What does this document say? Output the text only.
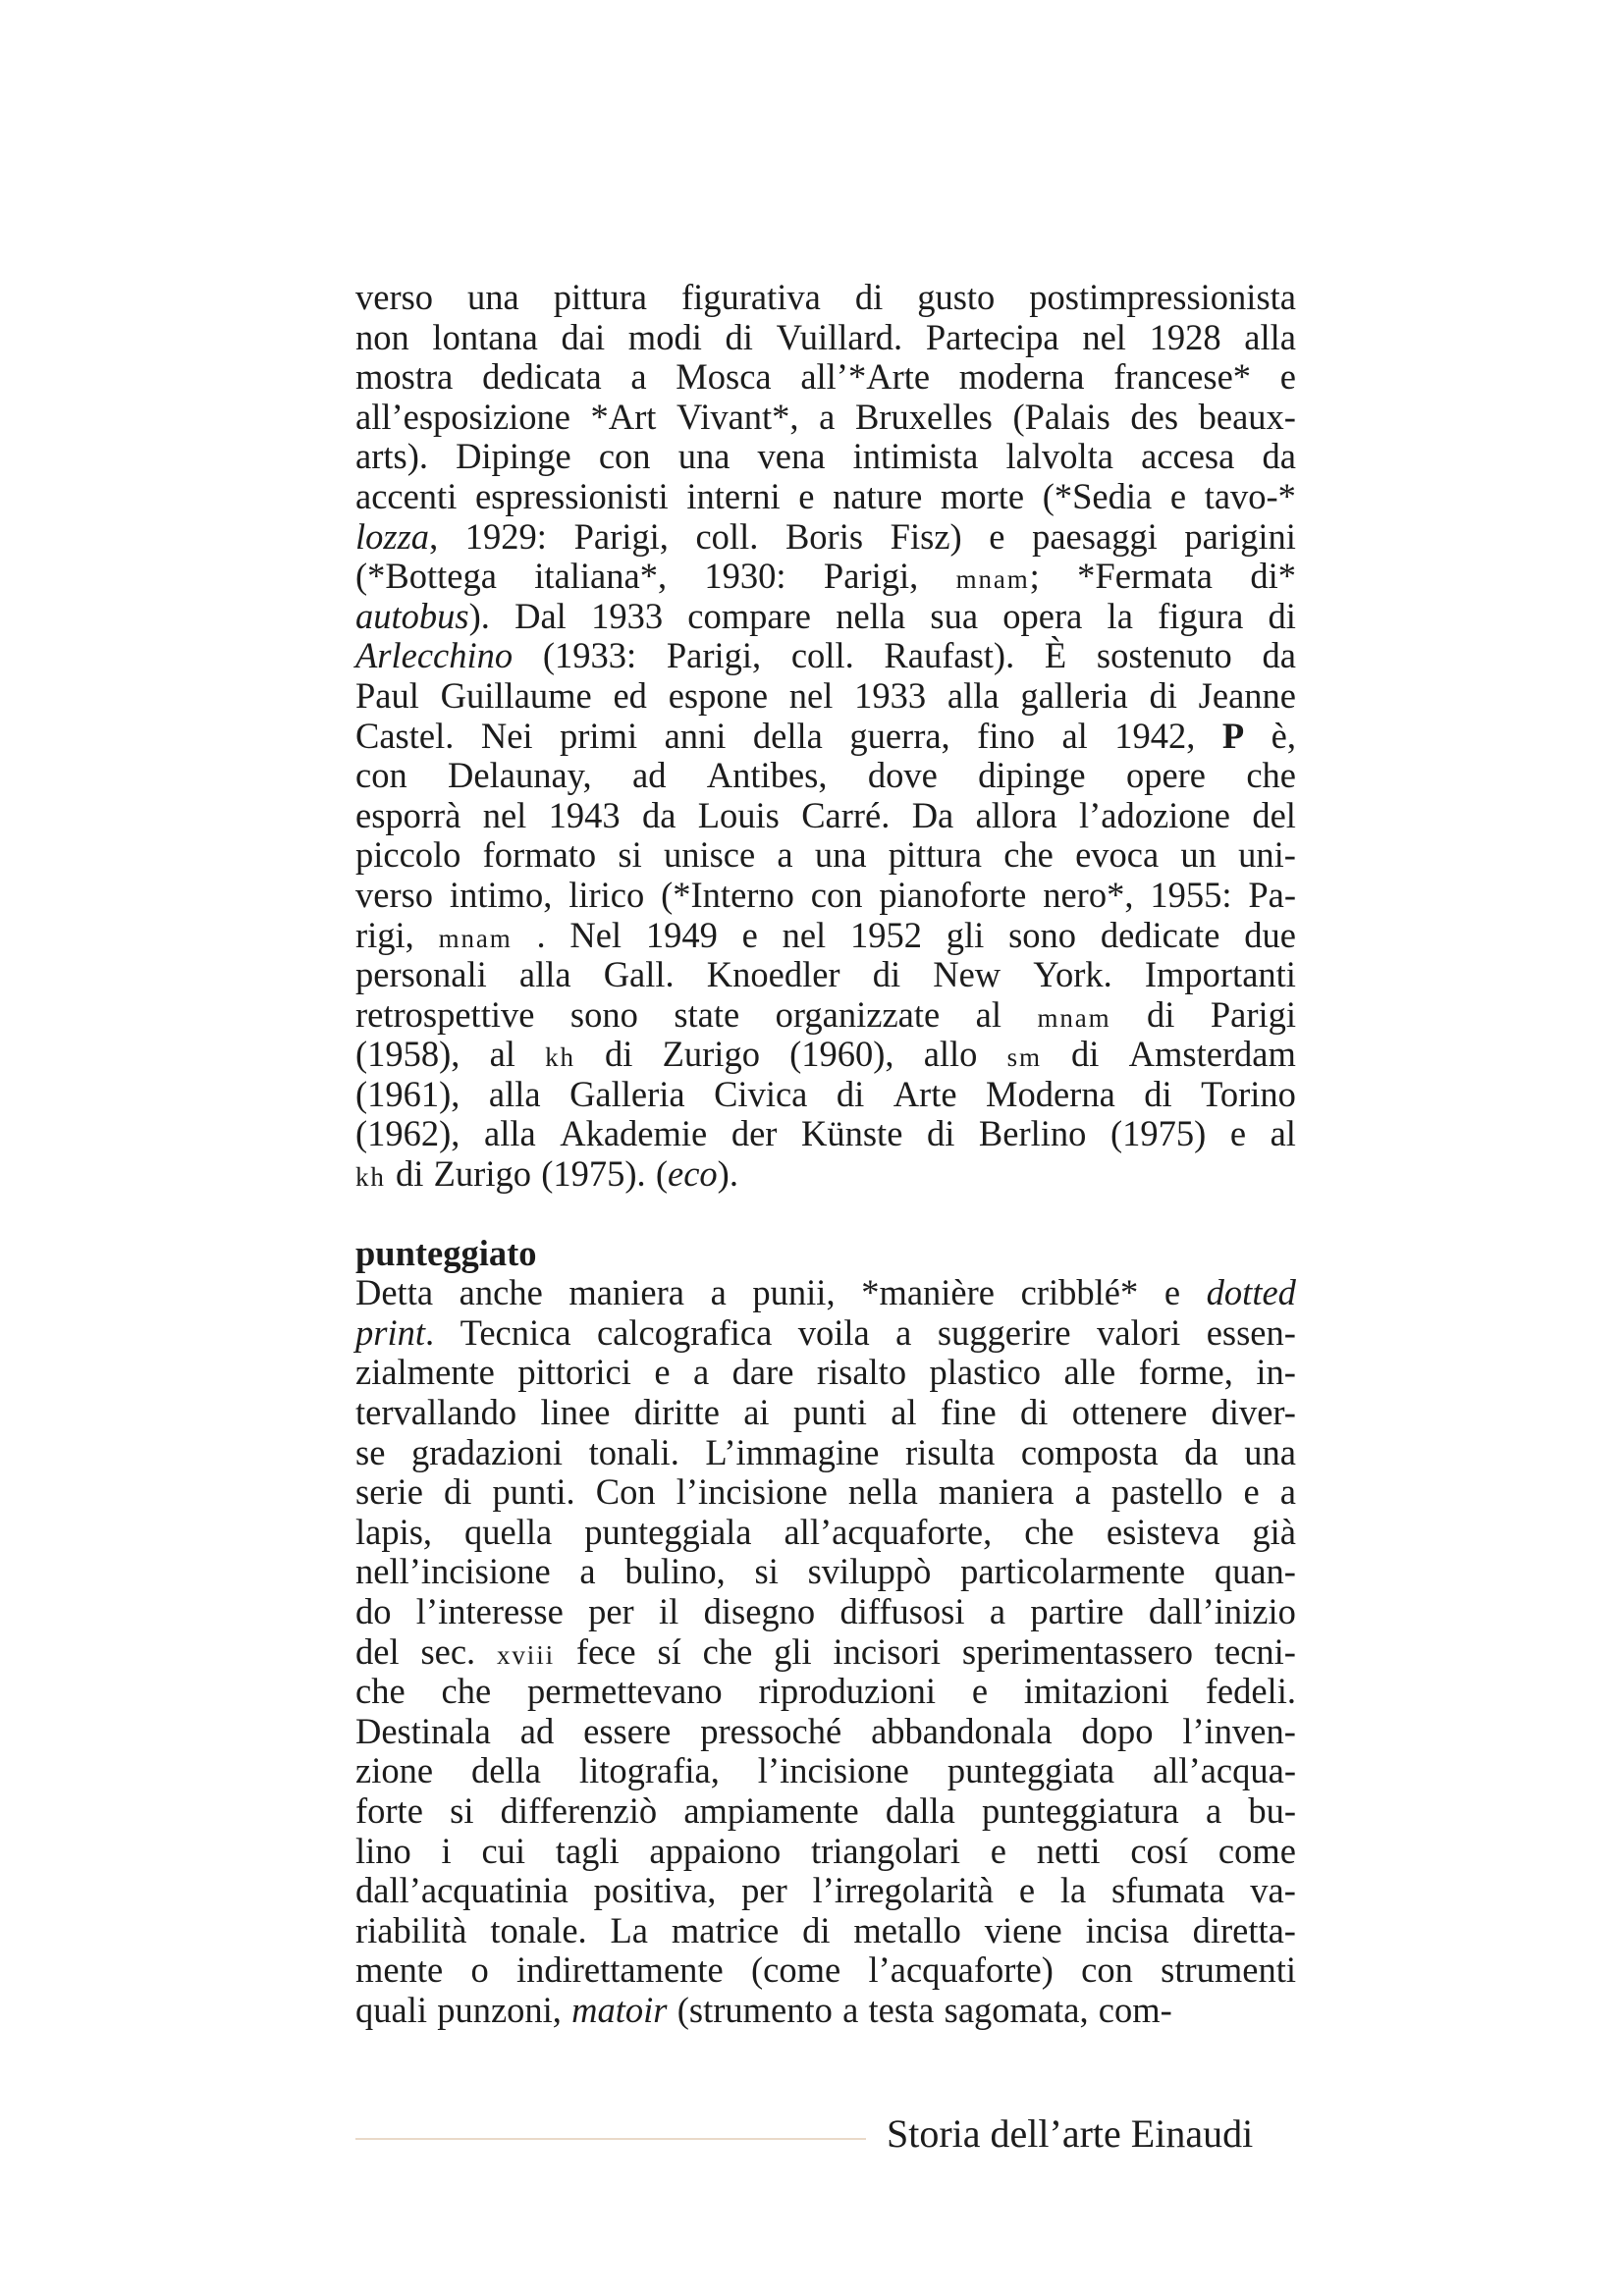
verso una pittura figurativa di gusto postimpressionista
non lontana dai modi di Vuillard. Partecipa nel 1928 alla
mostra dedicata a Mosca all’*Arte moderna francese* e
all’esposizione *Art Vivant*, a Bruxelles (Palais des beaux-
arts). Dipinge con una vena intimista lalvolta accesa da
accenti espressionisti interni e nature morte (*Sedia e tavo-*
lozza, 1929: Parigi, coll. Boris Fisz) e paesaggi parigini
(*Bottega italiana*, 1930: Parigi, mnam; *Fermata di*
autobus). Dal 1933 compare nella sua opera la figura di
Arlecchino (1933: Parigi, coll. Raufast). È sostenuto da
Paul Guillaume ed espone nel 1933 alla galleria di Jeanne
Castel. Nei primi anni della guerra, fino al 1942, P è,
con Delaunay, ad Antibes, dove dipinge opere che
esporrà nel 1943 da Louis Carré. Da allora l’adozione del
piccolo formato si unisce a una pittura che evoca un uni-
verso intimo, lirico (*Interno con pianoforte nero*, 1955: Pa-
rigi, mnam . Nel 1949 e nel 1952 gli sono dedicate due
personali alla Gall. Knoedler di New York. Importanti
retrospettive sono state organizzate al mnam di Parigi
(1958), al kh di Zurigo (1960), allo sm di Amsterdam
(1961), alla Galleria Civica di Arte Moderna di Torino
(1962), alla Akademie der Künste di Berlino (1975) e al
kh di Zurigo (1975). (eco).
punteggiato
Detta anche maniera a punii, *manière cribblé* e dotted
print. Tecnica calcografica voila a suggerire valori essen-
zialmente pittorici e a dare risalto plastico alle forme, in-
tervallando linee diritte ai punti al fine di ottenere diver-
se gradazioni tonali. L’immagine risulta composta da una
serie di punti. Con l’incisione nella maniera a pastello e a
lapis, quella punteggiala all’acquaforte, che esisteva già
nell’incisione a bulino, si sviluppò particolarmente quan-
do l’interesse per il disegno diffusosi a partire dall’inizio
del sec. xviii fece sí che gli incisori sperimentassero tecni-
che che permettevano riproduzioni e imitazioni fedeli.
Destinala ad essere pressoché abbandonala dopo l’inven-
zione della litografia, l’incisione punteggiata all’acqua-
forte si differenziò ampiamente dalla punteggiatura a bu-
lino i cui tagli appaiono triangolari e netti cosí come
dall’acquatinia positiva, per l’irregolarità e la sfumata va-
riabilità tonale. La matrice di metallo viene incisa diretta-
mente o indirettamente (come l’acquaforte) con strumenti
quali punzoni, matoir (strumento a testa sagomata, com-
Storia dell’arte Einaudi
